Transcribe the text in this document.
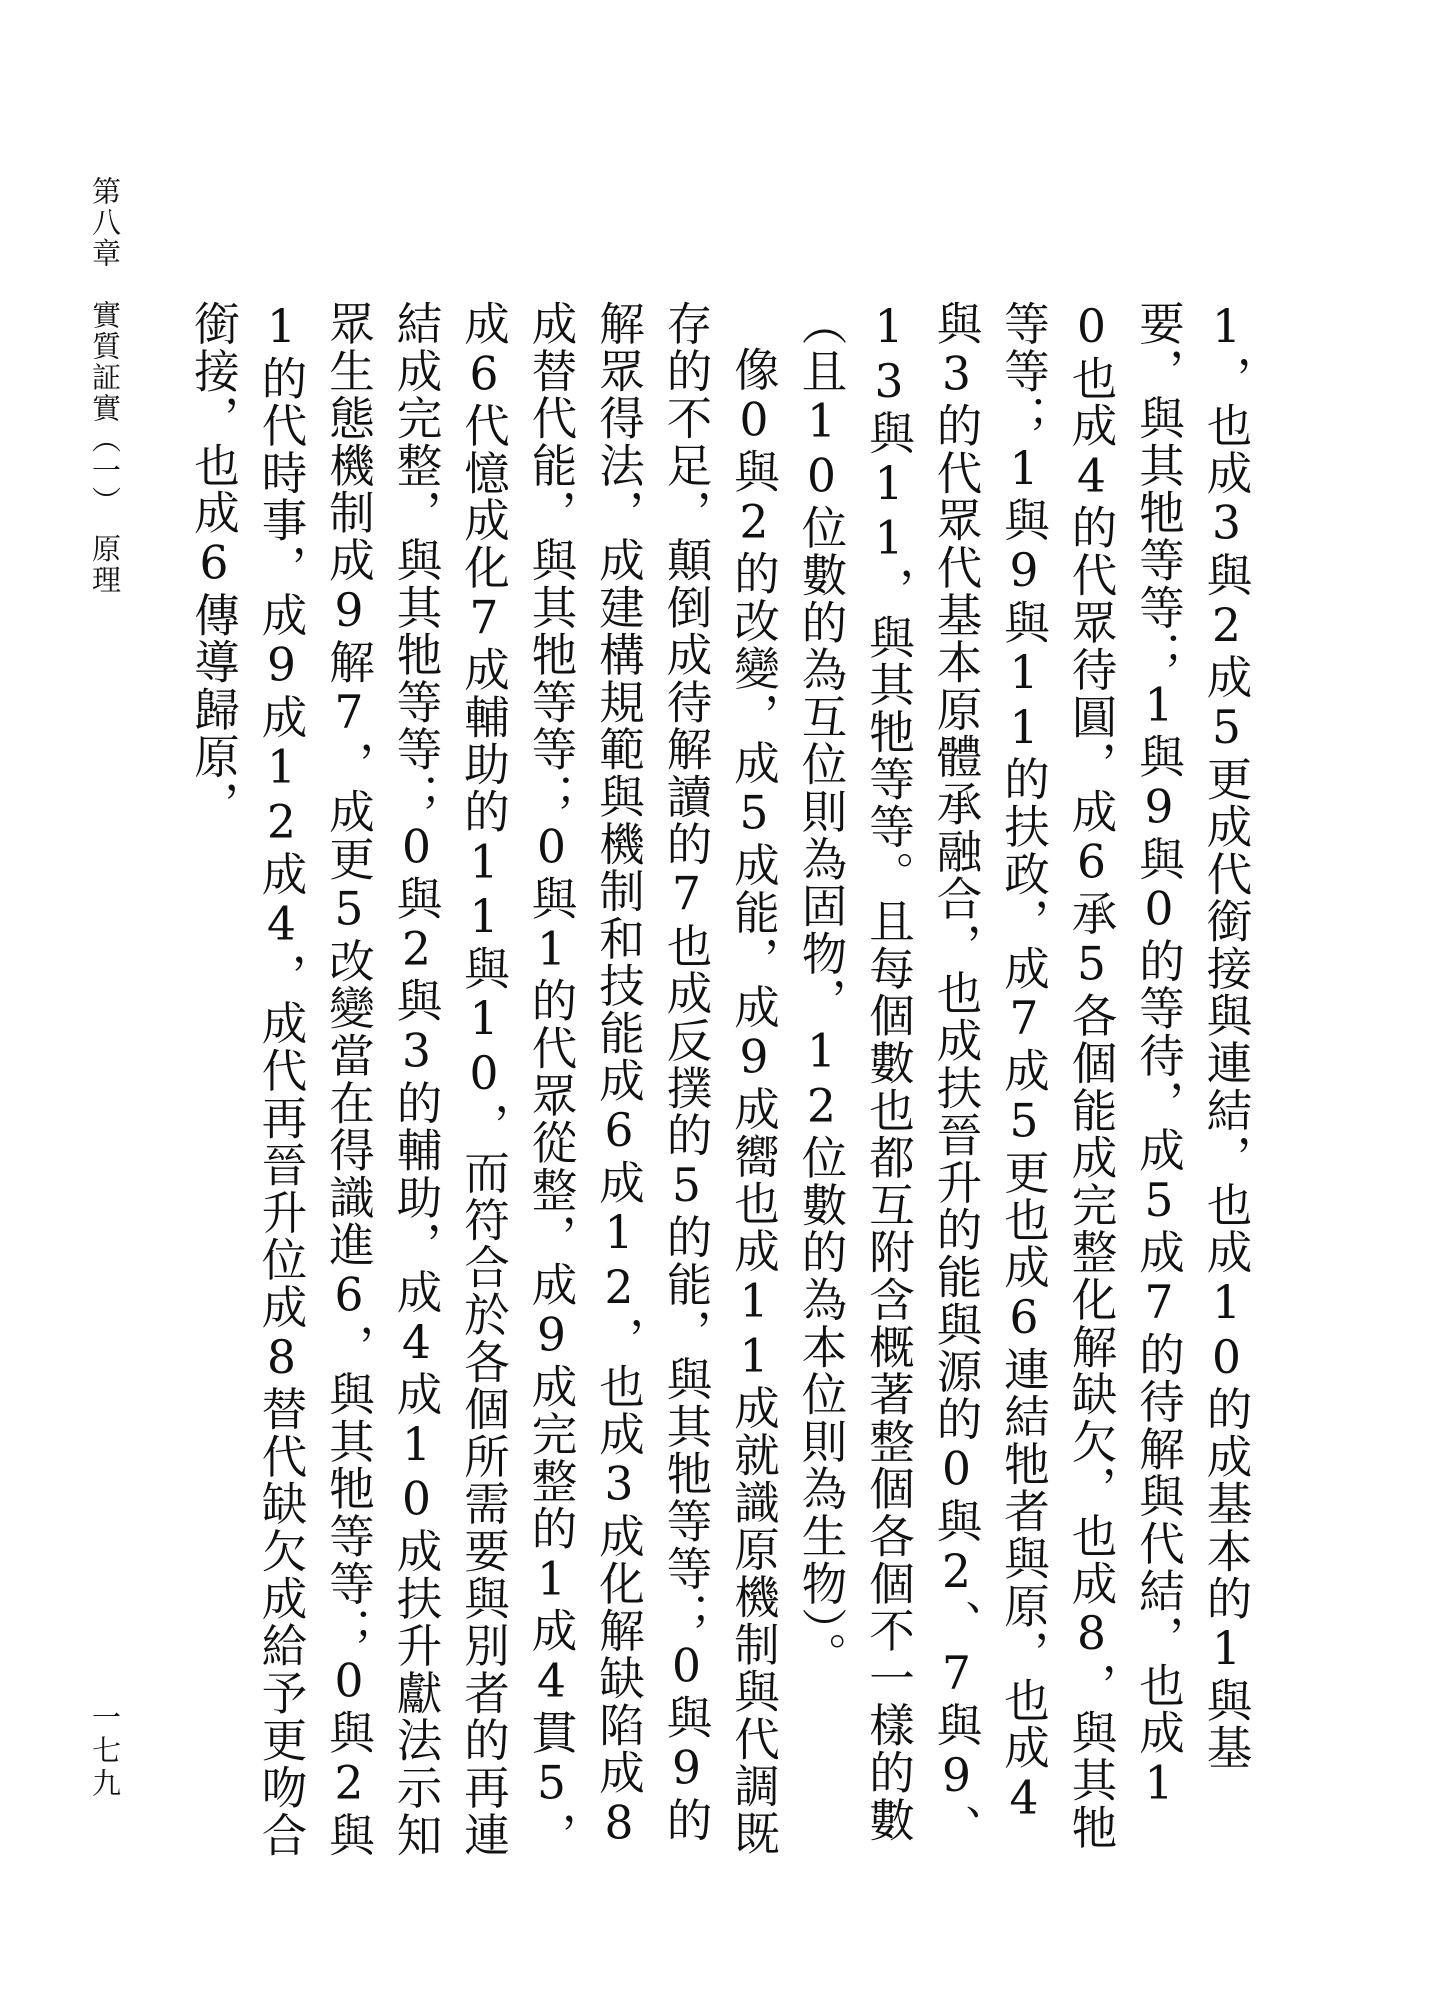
第八章　實質証實（一）　原理
一七九	1，也成3與2成5更成代銜接與連結，也成10的成基本的1與基要，與其牠等等；1與9與0的等待，成5成7的待解與代結，也成10也成4的代眾待圓，成6承5各個能成完整化解缺欠，也成8，與其牠等等；1與9與11的扶政，成7成5更也成6連結牠者與原，也成4與3的代眾代基本原體承融合，也成扶晉升的能與源的0與2、7與9、13與11，與其牠等等。且每個數也都互附含概著整個各個不一樣的數（且10位數的為互位則為固物，12位數的為本位則為生物）。

像0與2的改變，成5成能，成9成嚮也成11成就識原機制與代調既存的不足，顛倒成待解讀的7也成反撲的5的能，與其牠等等；0與9的解眾得法，成建構規範與機制和技能成6成12，也成3成化解缺陷成8成替代能，與其牠等等；0與1的代眾從整，成9成完整的1成4貫5，成6代憶成化7成輔助的11與10，而符合於各個所需要與別者的再連結成完整，與其牠等等；0與2與3的輔助，成4成10成扶升獻法示知眾生態機制成9解7，成更5改變當在得識進6，與其牠等等；0與2與1的代時事，成9成12成4，成代再晉升位成8替代缺欠成給予更吻合銜接，也成6傳導歸原，
